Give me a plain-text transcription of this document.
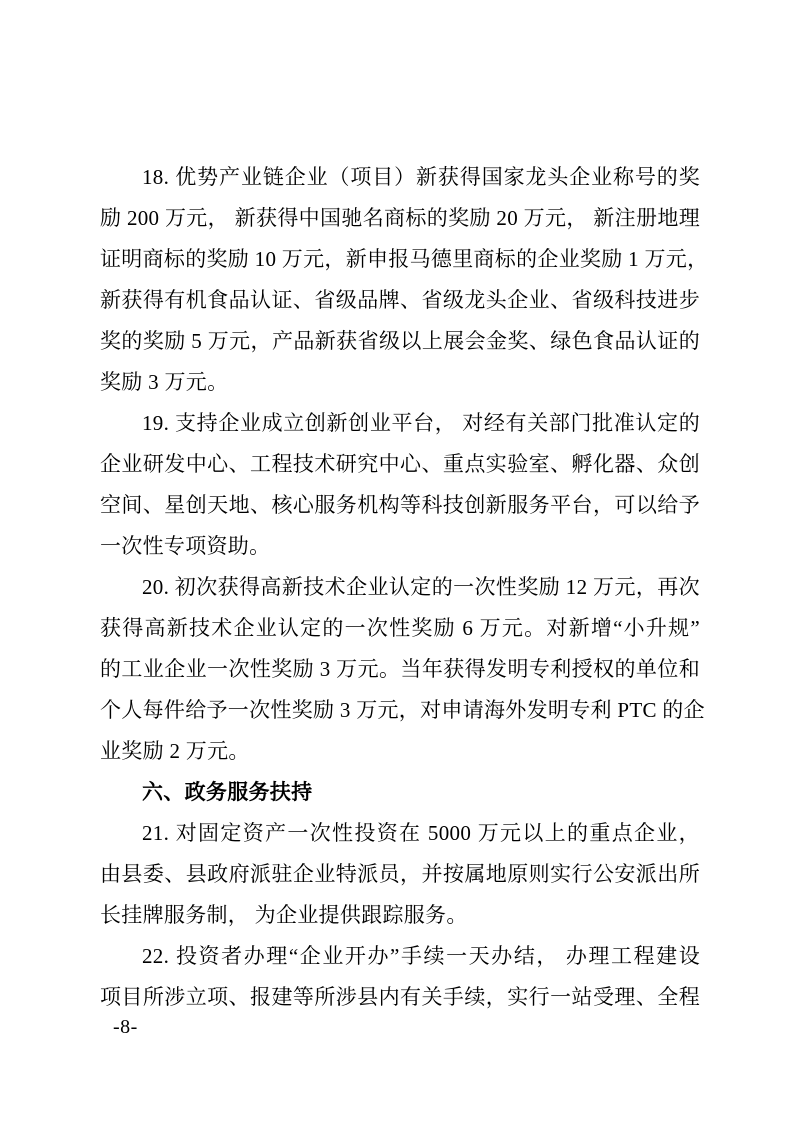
18. 优势产业链企业（项目）新获得国家龙头企业称号的奖
励 200 万元， 新获得中国驰名商标的奖励 20 万元， 新注册地理
证明商标的奖励 10 万元，新申报马德里商标的企业奖励 1 万元，
新获得有机食品认证、省级品牌、省级龙头企业、省级科技进步
奖的奖励 5 万元，产品新获省级以上展会金奖、绿色食品认证的
奖励 3 万元。
19. 支持企业成立创新创业平台， 对经有关部门批准认定的
企业研发中心、工程技术研究中心、重点实验室、孵化器、众创
空间、星创天地、核心服务机构等科技创新服务平台，可以给予
一次性专项资助。
20. 初次获得高新技术企业认定的一次性奖励 12 万元，再次
获得高新技术企业认定的一次性奖励 6 万元。对新增“小升规”
的工业企业一次性奖励 3 万元。当年获得发明专利授权的单位和
个人每件给予一次性奖励 3 万元，对申请海外发明专利 PTC 的企
业奖励 2 万元。
六、政务服务扶持
21. 对固定资产一次性投资在 5000 万元以上的重点企业，
由县委、县政府派驻企业特派员，并按属地原则实行公安派出所
长挂牌服务制， 为企业提供跟踪服务。
22. 投资者办理“企业开办”手续一天办结， 办理工程建设
项目所涉立项、报建等所涉县内有关手续，实行一站受理、全程
-8-
